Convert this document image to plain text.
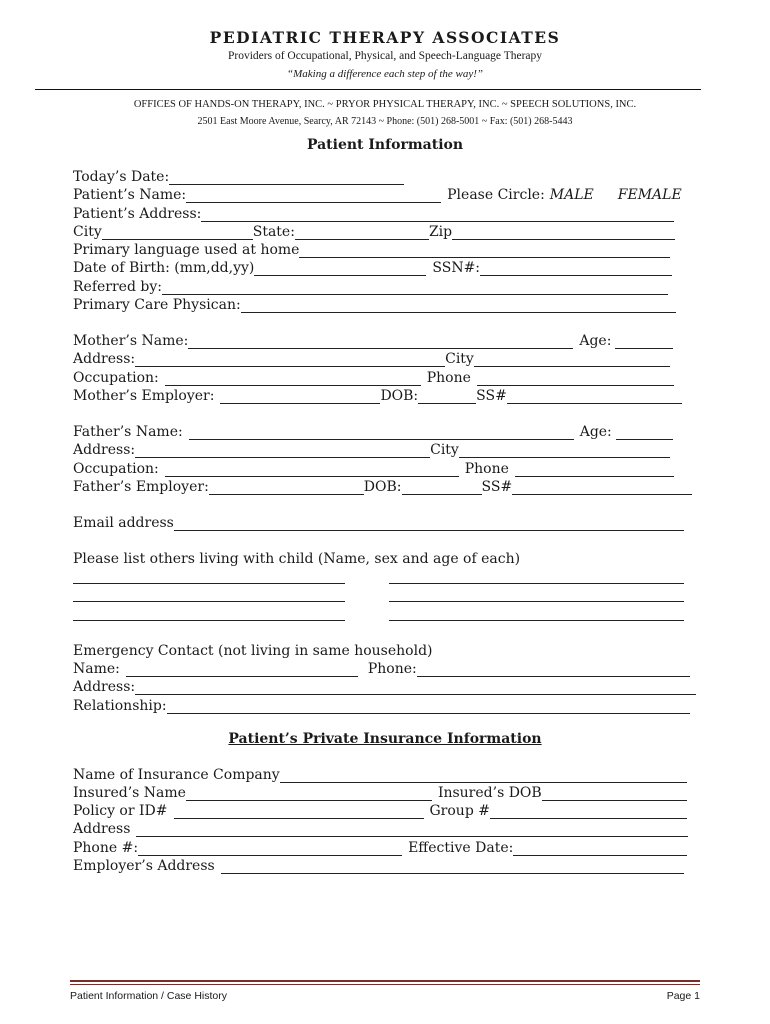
PEDIATRIC THERAPY ASSOCIATES
Providers of Occupational, Physical, and Speech-Language Therapy
“Making a difference each step of the way!”
OFFICES OF HANDS-ON THERAPY, INC. ~ PRYOR PHYSICAL THERAPY, INC. ~ SPEECH SOLUTIONS, INC.
2501 East Moore Avenue, Searcy, AR 72143 ~ Phone: (501) 268-5001 ~ Fax: (501) 268-5443
Patient Information
Today’s Date:
Patient’s Name:	Please Circle: MALE FEMALE
Patient’s Address:
City	State:	Zip
Primary language used at home
Date of Birth: (mm,dd,yy)	SSN#:
Referred by:
Primary Care Physican:
Mother’s Name:	Age:
Address:	City
Occupation:	Phone
Mother’s Employer:	DOB:	SS#
Father’s Name:	Age:
Address:	City
Occupation:	Phone
Father’s Employer:	DOB:	SS#
Email address
Please list others living with child (Name, sex and age of each)
Emergency Contact (not living in same household)
Name:	Phone:
Address:
Relationship:
Patient’s Private Insurance Information
Name of Insurance Company
Insured’s Name	Insured’s DOB
Policy or ID#	Group #
Address
Phone #:	Effective Date:
Employer’s Address
Patient Information / Case History	Page 1
